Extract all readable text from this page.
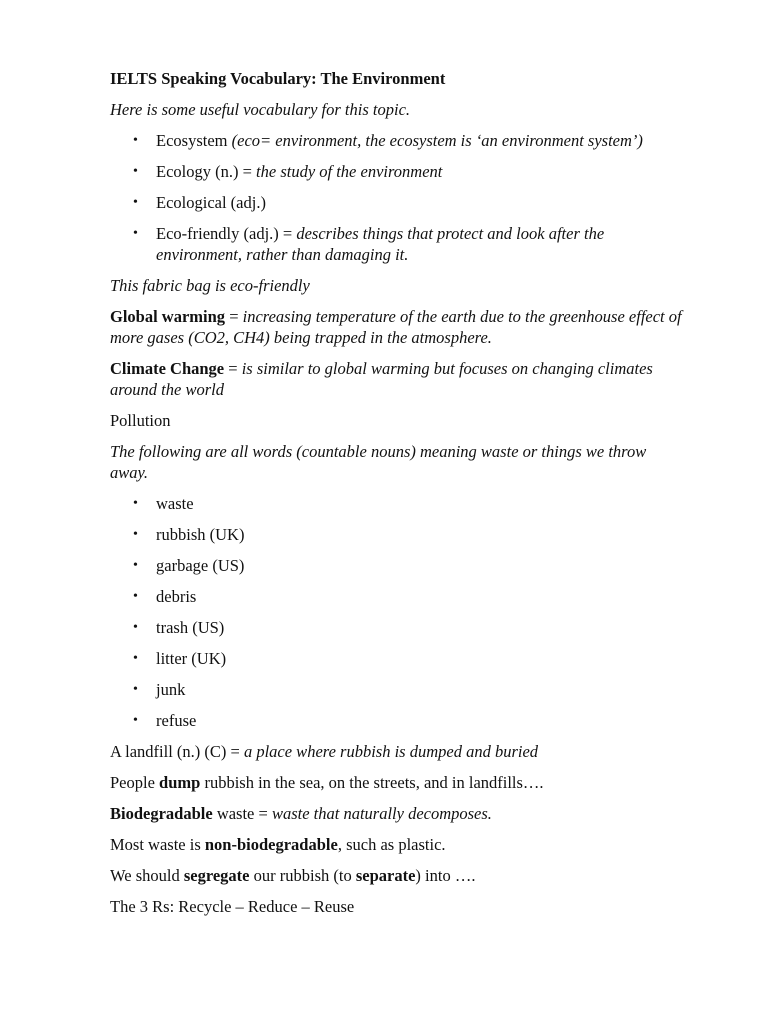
IELTS Speaking Vocabulary: The Environment

Here is some useful vocabulary for this topic.

• Ecosystem (eco= environment, the ecosystem is ‘an environment system’)
• Ecology (n.) = the study of the environment
• Ecological (adj.)
• Eco-friendly (adj.) = describes things that protect and look after the environment, rather than damaging it.

This fabric bag is eco-friendly

Global warming = increasing temperature of the earth due to the greenhouse effect of more gases (CO2, CH4) being trapped in the atmosphere.

Climate Change = is similar to global warming but focuses on changing climates around the world

Pollution

The following are all words (countable nouns) meaning waste or things we throw away.

• waste
• rubbish (UK)
• garbage (US)
• debris
• trash (US)
• litter (UK)
• junk
• refuse

A landfill (n.) (C) = a place where rubbish is dumped and buried

People dump rubbish in the sea, on the streets, and in landfills….

Biodegradable waste = waste that naturally decomposes.

Most waste is non-biodegradable, such as plastic.

We should segregate our rubbish (to separate) into ….

The 3 Rs: Recycle – Reduce – Reuse
